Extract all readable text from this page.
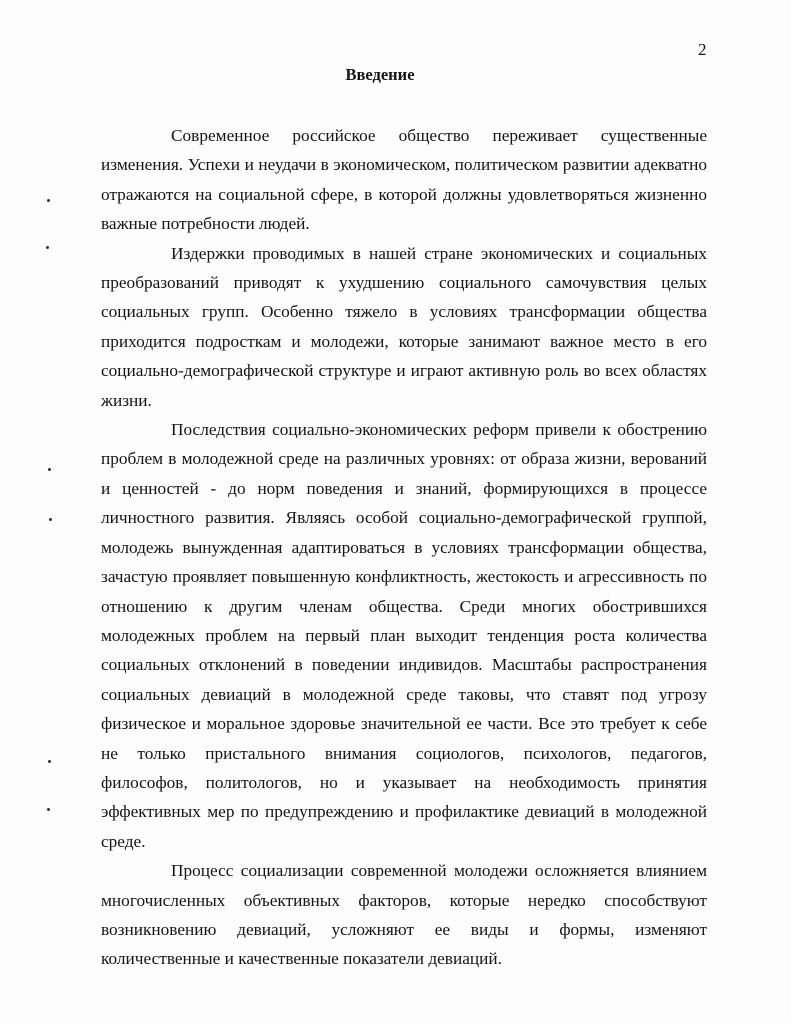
2
Введение

Современное российское общество переживает существенные изменения. Успехи и неудачи в экономическом, политическом развитии адекватно отражаются на социальной сфере, в которой должны удовлетворяться жизненно важные потребности людей.

Издержки проводимых в нашей стране экономических и социальных преобразований приводят к ухудшению социального самочувствия целых социальных групп. Особенно тяжело в условиях трансформации общества приходится подросткам и молодежи, которые занимают важное место в его социально-демографической структуре и играют активную роль во всех областях жизни.

Последствия социально-экономических реформ привели к обострению проблем в молодежной среде на различных уровнях: от образа жизни, верований и ценностей - до норм поведения и знаний, формирующихся в процессе личностного развития. Являясь особой социально-демографической группой, молодежь вынужденная адаптироваться в условиях трансформации общества, зачастую проявляет повышенную конфликтность, жестокость и агрессивность по отношению к другим членам общества. Среди многих обострившихся молодежных проблем на первый план выходит тенденция роста количества социальных отклонений в поведении индивидов. Масштабы распространения социальных девиаций в молодежной среде таковы, что ставят под угрозу физическое и моральное здоровье значительной ее части. Все это требует к себе не только пристального внимания социологов, психологов, педагогов, философов, политологов, но и указывает на необходимость принятия эффективных мер по предупреждению и профилактике девиаций в молодежной среде.

Процесс социализации современной молодежи осложняется влиянием многочисленных объективных факторов, которые нередко способствуют возникновению девиаций, усложняют ее виды и формы, изменяют количественные и качественные показатели девиаций.
